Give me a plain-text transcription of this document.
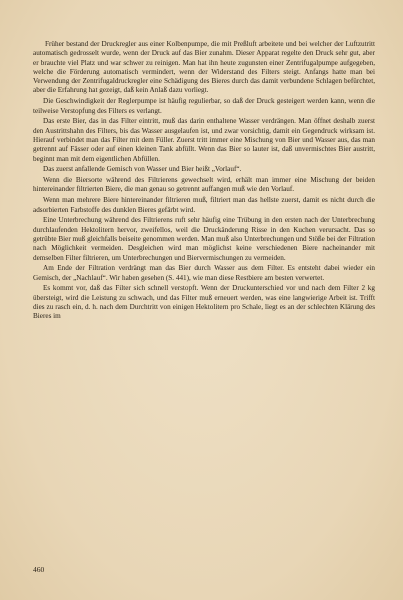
Früher bestand der Druckregler aus einer Kolbenpumpe, die mit Preßluft arbeitete und bei welcher der Luftzutritt automatisch gedrosselt wurde, wenn der Druck auf das Bier zunahm. Dieser Apparat regelte den Druck sehr gut, aber er brauchte viel Platz und war schwer zu reinigen. Man hat ihn heute zugunsten einer Zentrifugalpumpe aufgegeben, welche die Förderung automatisch vermindert, wenn der Widerstand des Filters steigt. Anfangs hatte man bei Verwendung der Zentrifugaldruckregler eine Schädigung des Bieres durch das damit verbundene Schlagen befürchtet, aber die Erfahrung hat gezeigt, daß kein Anlaß dazu vorliegt.

Die Geschwindigkeit der Reglerpumpe ist häufig regulierbar, so daß der Druck gesteigert werden kann, wenn die teilweise Verstopfung des Filters es verlangt.

Das erste Bier, das in das Filter eintritt, muß das darin enthaltene Wasser verdrängen. Man öffnet deshalb zuerst den Austrittshahn des Filters, bis das Wasser ausgelaufen ist, und zwar vorsichtig, damit ein Gegendruck wirksam ist. Hierauf verbindet man das Filter mit dem Füller. Zuerst tritt immer eine Mischung von Bier und Wasser aus, das man getrennt auf Fässer oder auf einen kleinen Tank abfüllt. Wenn das Bier so lauter ist, daß unvermischtes Bier austritt, beginnt man mit dem eigentlichen Abfüllen.

Das zuerst anfallende Gemisch von Wasser und Bier heißt „Vorlauf“.

Wenn die Biersorte während des Filtrierens gewechselt wird, erhält man immer eine Mischung der beiden hintereinander filtrierten Biere, die man genau so getrennt auffangen muß wie den Vorlauf.

Wenn man mehrere Biere hintereinander filtrieren muß, filtriert man das hellste zuerst, damit es nicht durch die adsorbierten Farbstoffe des dunklen Bieres gefärbt wird.

Eine Unterbrechung während des Filtrierens ruft sehr häufig eine Trübung in den ersten nach der Unterbrechung durchlaufenden Hektolitern hervor, zweifellos, weil die Druckänderung Risse in den Kuchen verursacht. Das so getrübte Bier muß gleichfalls beiseite genommen werden. Man muß also Unterbrechungen und Stöße bei der Filtration nach Möglichkeit vermeiden. Desgleichen wird man möglichst keine verschiedenen Biere nacheinander mit demselben Filter filtrieren, um Unterbrechungen und Biervermischungen zu vermeiden.

Am Ende der Filtration verdrängt man das Bier durch Wasser aus dem Filter. Es entsteht dabei wieder ein Gemisch, der „Nachlauf“. Wir haben gesehen (S. 441), wie man diese Restbiere am besten verwertet.

Es kommt vor, daß das Filter sich schnell verstopft. Wenn der Druckunterschied vor und nach dem Filter 2 kg übersteigt, wird die Leistung zu schwach, und das Filter muß erneuert werden, was eine langwierige Arbeit ist. Trifft dies zu rasch ein, d. h. nach dem Durchtritt von einigen Hektolitern pro Schale, liegt es an der schlechten Klärung des Bieres im

460
